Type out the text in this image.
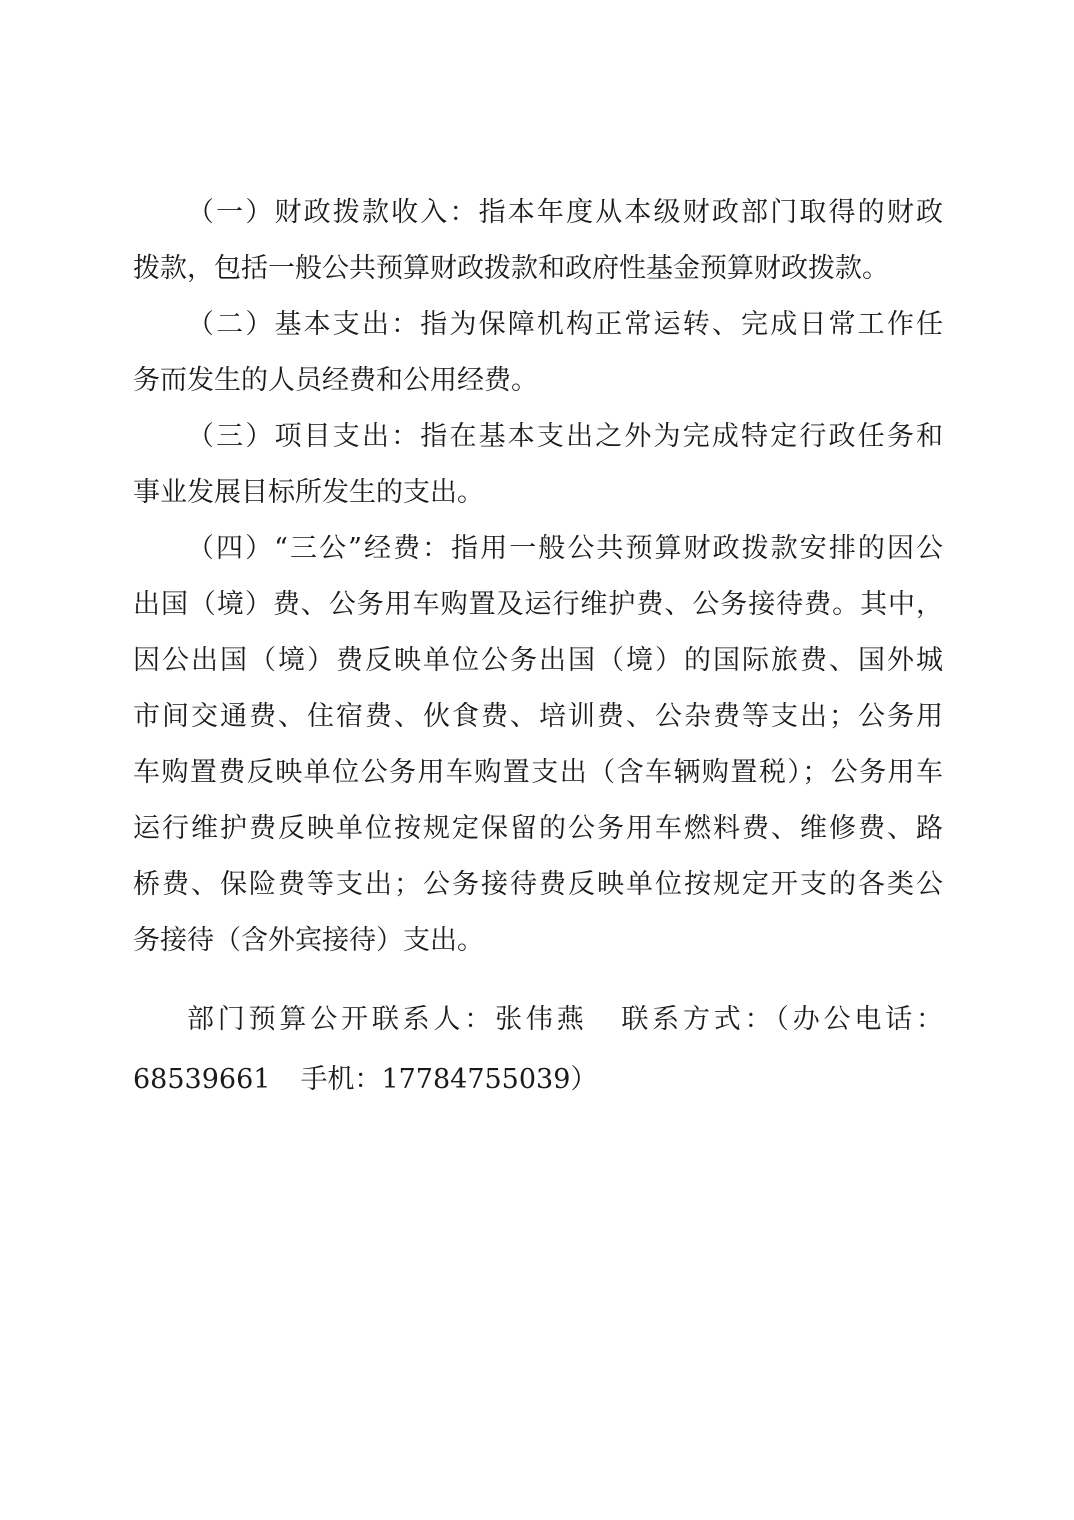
（一）财政拨款收入：指本年度从本级财政部门取得的财政
拨款，包括一般公共预算财政拨款和政府性基金预算财政拨款。
（二）基本支出：指为保障机构正常运转、完成日常工作任
务而发生的人员经费和公用经费。
（三）项目支出：指在基本支出之外为完成特定行政任务和
事业发展目标所发生的支出。
（四）“三公”经费：指用一般公共预算财政拨款安排的因公
出国（境）费、公务用车购置及运行维护费、公务接待费。其中，
因公出国（境）费反映单位公务出国（境）的国际旅费、国外城
市间交通费、住宿费、伙食费、培训费、公杂费等支出；公务用
车购置费反映单位公务用车购置支出（含车辆购置税）；公务用车
运行维护费反映单位按规定保留的公务用车燃料费、维修费、路
桥费、保险费等支出；公务接待费反映单位按规定开支的各类公
务接待（含外宾接待）支出。
部门预算公开联系人：张伟燕 联系方式：（办公电话：
68539661 手机：17784755039）
